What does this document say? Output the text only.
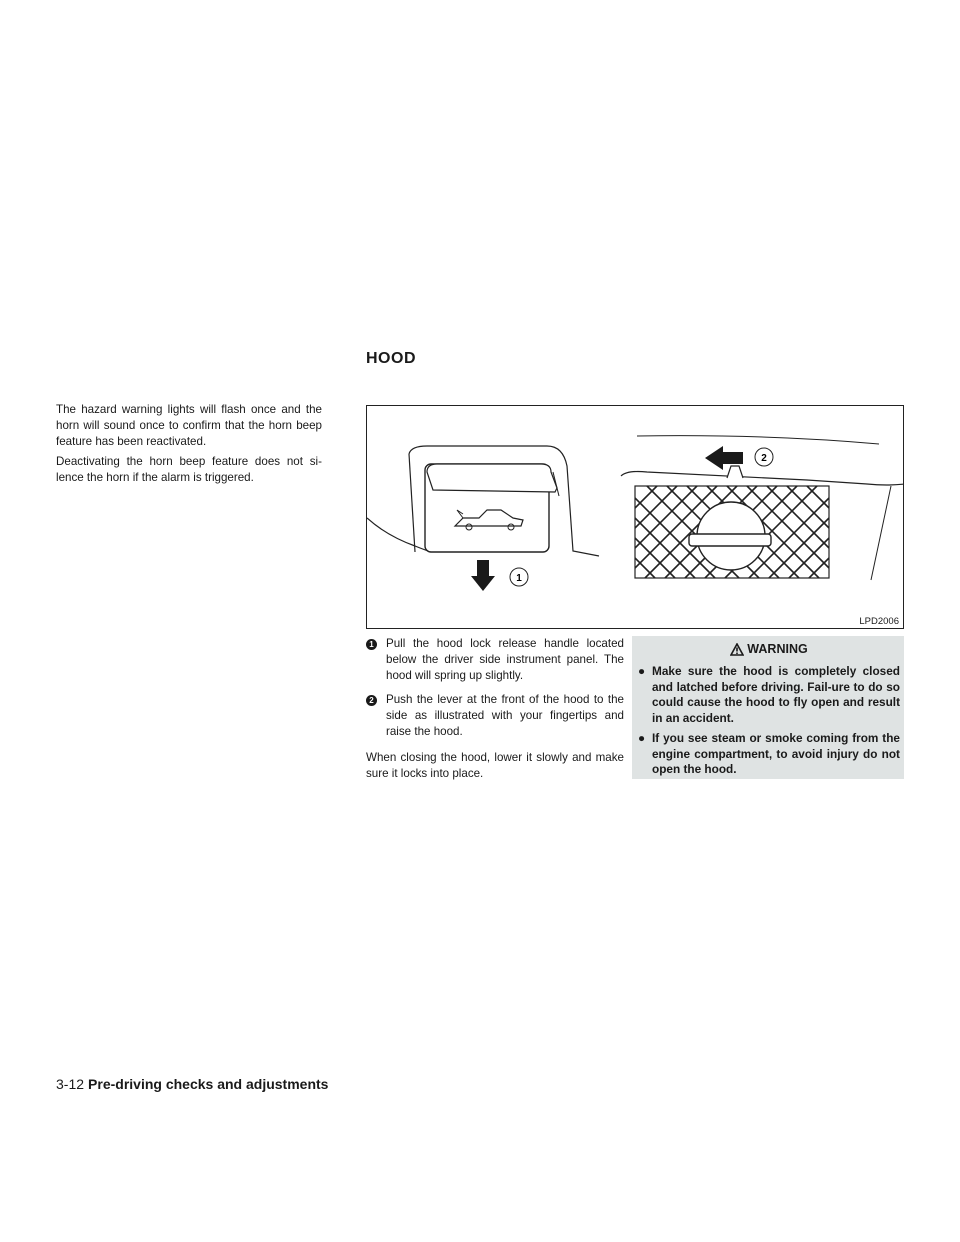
HOOD

The hazard warning lights will flash once and the horn will sound once to confirm that the horn beep feature has been reactivated.

Deactivating the horn beep feature does not si-lence the horn if the alarm is triggered.

1
2
LPD2006
1 Pull the hood lock release handle located below the driver side instrument panel. The hood will spring up slightly.
2 Push the lever at the front of the hood to the side as illustrated with your fingertips and raise the hood.

When closing the hood, lower it slowly and make sure it locks into place.

WARNING
● Make sure the hood is completely closed and latched before driving. Fail-ure to do so could cause the hood to fly open and result in an accident.
● If you see steam or smoke coming from the engine compartment, to avoid injury do not open the hood.
3-12 Pre-driving checks and adjustments
